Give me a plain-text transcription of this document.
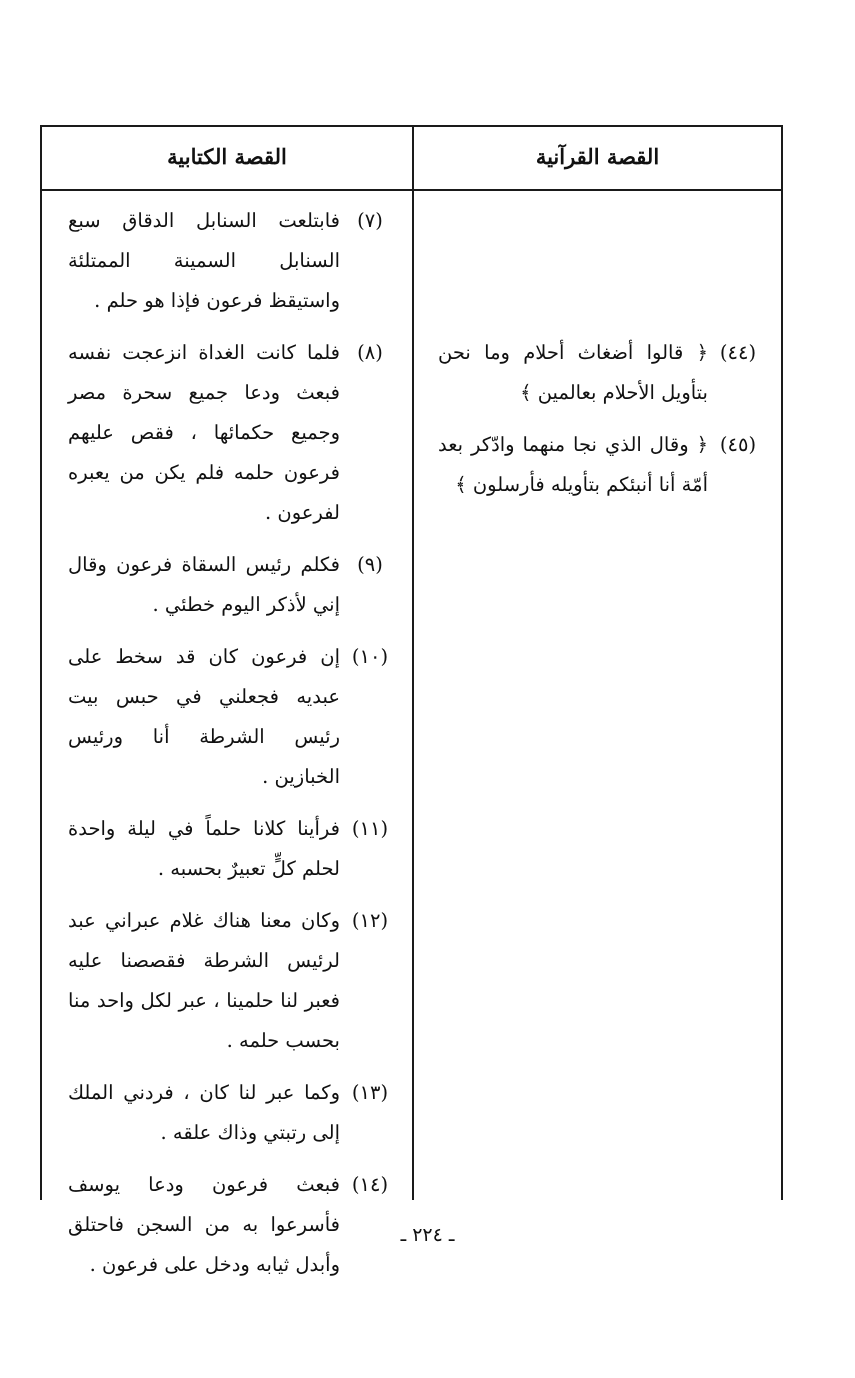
القصة القرآنية
القصة الكتابية
(٤٤)
﴿ قالوا أضغاث أحلام وما نحن بتأويل الأحلام بعالمين ﴾
(٤٥)
﴿ وقال الذي نجا منهما وادّكر بعد أمّة أنا أنبئكم بتأويله فأرسلون ﴾
(٧)
فابتلعت السنابل الدقاق سبع السنابل السمينة الممتلئة واستيقظ فرعون فإذا هو حلم .
(٨)
فلما كانت الغداة انزعجت نفسه فبعث ودعا جميع سحرة مصر وجميع حكمائها ، فقص عليهم فرعون حلمه فلم يكن من يعبره لفرعون .
(٩)
فكلم رئيس السقاة فرعون وقال إني لأذكر اليوم خطئي .
(١٠)
إن فرعون كان قد سخط على عبديه فجعلني في حبس بيت رئيس الشرطة أنا ورئيس الخبازين .
(١١)
فرأينا كلانا حلماً في ليلة واحدة لحلم كلٍّ تعبيرٌ بحسبه .
(١٢)
وكان معنا هناك غلام عبراني عبد لرئيس الشرطة فقصصنا عليه فعبر لنا حلمينا ، عبر لكل واحد منا بحسب حلمه .
(١٣)
وكما عبر لنا كان ، فردني الملك إلى رتبتي وذاك علقه .
(١٤)
فبعث فرعون ودعا يوسف فأسرعوا به من السجن فاحتلق وأبدل ثيابه ودخل على فرعون .
ـ ٢٢٤ ـ
